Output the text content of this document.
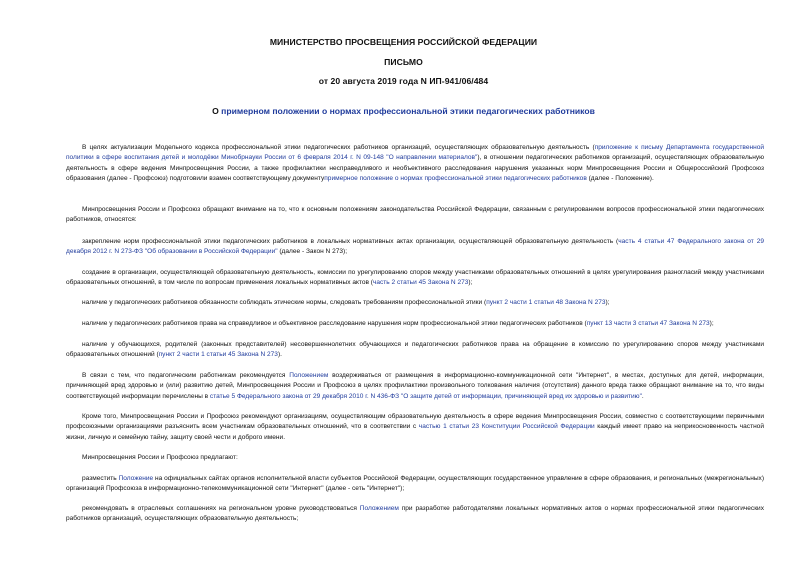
МИНИСТЕРСТВО ПРОСВЕЩЕНИЯ РОССИЙСКОЙ ФЕДЕРАЦИИ
ПИСЬМО
от 20 августа 2019 года N ИП-941/06/484
О примерном положении о нормах профессиональной этики педагогических работников
В целях актуализации Модельного кодекса профессиональной этики педагогических работников организаций, осуществляющих образовательную деятельность (приложение к письму Департамента государственной политики в сфере воспитания детей и молодёжи Минобрнауки России от 6 февраля 2014 г. N 09-148 "О направлении материалов"), в отношении педагогических работников организаций, осуществляющих образовательную деятельность в сфере ведения Минпросвещения России, а также профилактики несправедливого и необъективного расследования нарушения указанных норм Минпросвещения России и Общероссийский Профсоюз образования (далее - Профсоюз) подготовили взамен соответствующему документупримерное положение о нормах профессиональной этики педагогических работников (далее - Положение).
Минпросвещения России и Профсоюз обращают внимание на то, что к основным положениям законодательства Российской Федерации, связанным с регулированием вопросов профессиональной этики педагогических работников, относятся:
закрепление норм профессиональной этики педагогических работников в локальных нормативных актах организации, осуществляющей образовательную деятельность (часть 4 статьи 47 Федерального закона от 29 декабря 2012 г. N 273-ФЗ "Об образовании в Российской Федерации" (далее - Закон N 273);
создание в организации, осуществляющей образовательную деятельность, комиссии по урегулированию споров между участниками образовательных отношений в целях урегулирования разногласий между участниками образовательных отношений, в том числе по вопросам применения локальных нормативных актов (часть 2 статьи 45 Закона N 273);
наличие у педагогических работников обязанности соблюдать этические нормы, следовать требованиям профессиональной этики (пункт 2 части 1 статьи 48 Закона N 273);
наличие у педагогических работников права на справедливое и объективное расследование нарушения норм профессиональной этики педагогических работников (пункт 13 части 3 статьи 47 Закона N 273);
наличие у обучающихся, родителей (законных представителей) несовершеннолетних обучающихся и педагогических работников права на обращение в комиссию по урегулированию споров между участниками образовательных отношений (пункт 2 части 1 статьи 45 Закона N 273).
В связи с тем, что педагогическим работникам рекомендуется Положением воздерживаться от размещения в информационно-коммуникационной сети "Интернет", в местах, доступных для детей, информации, причиняющей вред здоровью и (или) развитию детей, Минпросвещения России и Профсоюз в целях профилактики произвольного толкования наличия (отсутствия) данного вреда также обращают внимание на то, что виды соответствующей информации перечислены в статье 5 Федерального закона от 29 декабря 2010 г. N 436-ФЗ "О защите детей от информации, причиняющей вред их здоровью и развитию".
Кроме того, Минпросвещения России и Профсоюз рекомендуют организациям, осуществляющим образовательную деятельность в сфере ведения Минпросвещения России, совместно с соответствующими первичными профсоюзными организациями разъяснить всем участникам образовательных отношений, что в соответствии с частью 1 статьи 23 Конституции Российской Федерации каждый имеет право на неприкосновенность частной жизни, личную и семейную тайну, защиту своей чести и доброго имени.
Минпросвещения России и Профсоюз предлагают:
разместить Положение на официальных сайтах органов исполнительной власти субъектов Российской Федерации, осуществляющих государственное управление в сфере образования, и региональных (межрегиональных) организаций Профсоюза в информационно-телекоммуникационной сети "Интернет" (далее - сеть "Интернет");
рекомендовать в отраслевых соглашениях на региональном уровне руководствоваться Положением при разработке работодателями локальных нормативных актов о нормах профессиональной этики педагогических работников организаций, осуществляющих образовательную деятельность;
